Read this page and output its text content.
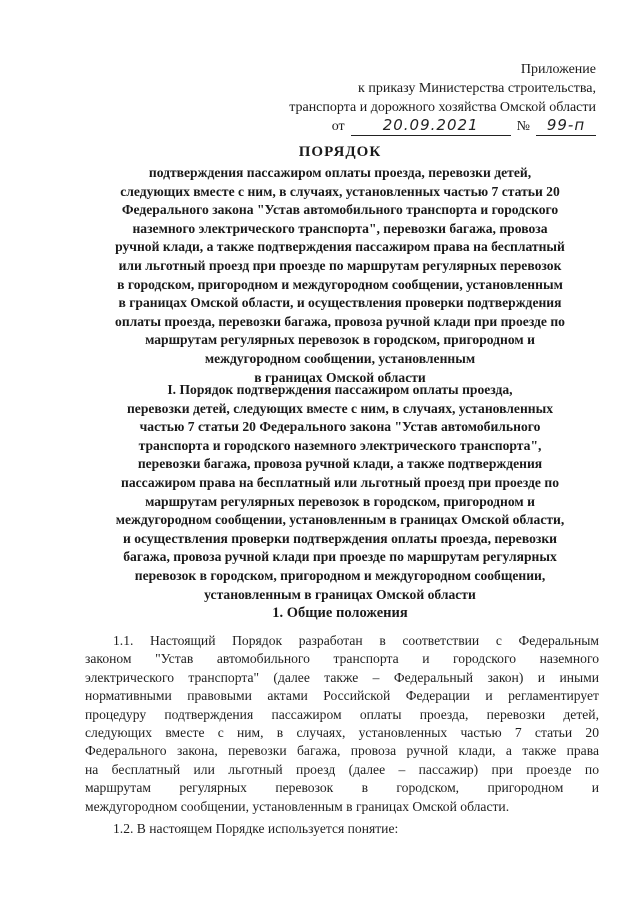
Приложение
к приказу Министерства строительства,
транспорта и дорожного хозяйства Омской области
от	20.09.2021	№	99-п
ПОРЯДОК
подтверждения пассажиром оплаты проезда, перевозки детей,
следующих вместе с ним, в случаях, установленных частью 7 статьи 20
Федерального закона "Устав автомобильного транспорта и городского
наземного электрического транспорта", перевозки багажа, провоза
ручной клади, а также подтверждения пассажиром права на бесплатный
или льготный проезд при проезде по маршрутам регулярных перевозок
в городском, пригородном и междугородном сообщении, установленным
в границах Омской области, и осуществления проверки подтверждения
оплаты проезда, перевозки багажа, провоза ручной клади при проезде по
маршрутам регулярных перевозок в городском, пригородном и
междугородном сообщении, установленным
в границах Омской области
I. Порядок подтверждения пассажиром оплаты проезда,
перевозки детей, следующих вместе с ним, в случаях, установленных
частью 7 статьи 20 Федерального закона "Устав автомобильного
транспорта и городского наземного электрического транспорта",
перевозки багажа, провоза ручной клади, а также подтверждения
пассажиром права на бесплатный или льготный проезд при проезде по
маршрутам регулярных перевозок в городском, пригородном и
междугородном сообщении, установленным в границах Омской области,
и осуществления проверки подтверждения оплаты проезда, перевозки
багажа, провоза ручной клади при проезде по маршрутам регулярных
перевозок в городском, пригородном и междугородном сообщении,
установленным в границах Омской области
1. Общие положения
1.1. Настоящий Порядок разработан в соответствии с Федеральным
законом "Устав автомобильного транспорта и городского наземного
электрического транспорта" (далее также – Федеральный закон) и иными
нормативными правовыми актами Российской Федерации и регламентирует
процедуру подтверждения пассажиром оплаты проезда, перевозки детей,
следующих вместе с ним, в случаях, установленных частью 7 статьи 20
Федерального закона, перевозки багажа, провоза ручной клади, а также права
на бесплатный или льготный проезд (далее – пассажир) при проезде по
маршрутам регулярных перевозок в городском, пригородном и
междугородном сообщении, установленным в границах Омской области.
1.2. В настоящем Порядке используется понятие:
